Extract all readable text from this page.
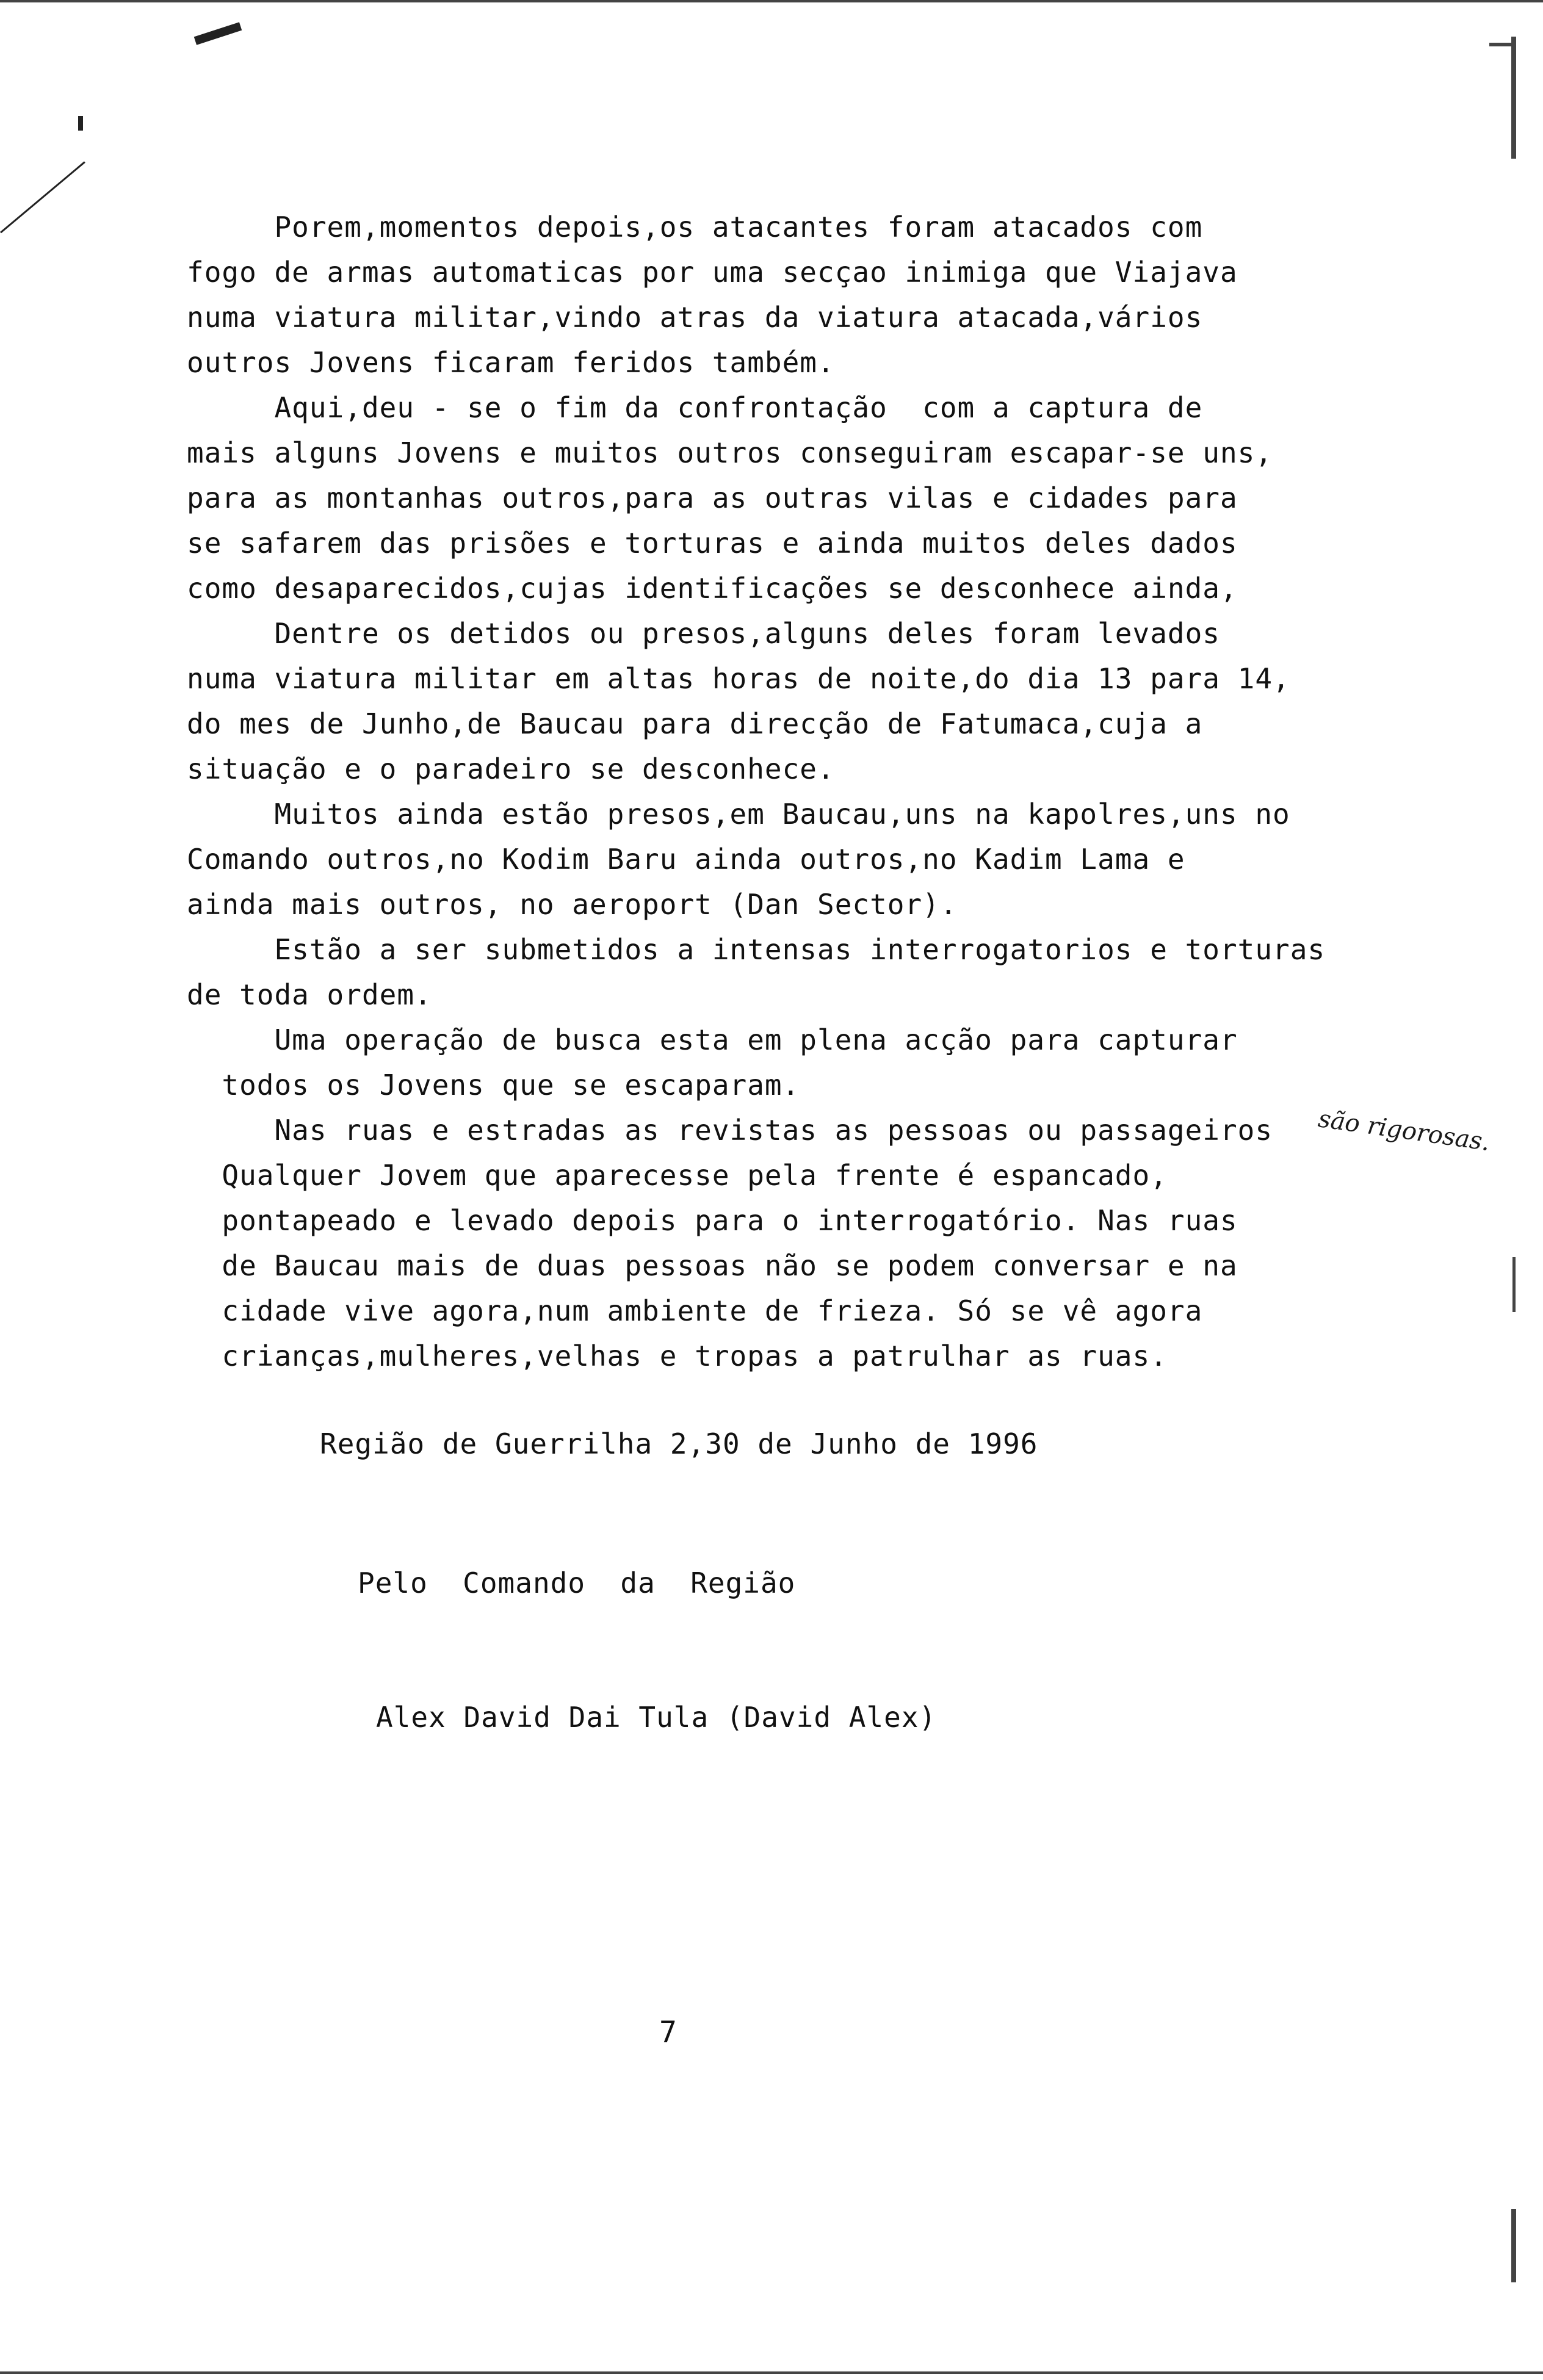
Porem,momentos depois,os atacantes foram atacados com
fogo de armas automaticas por uma secçao inimiga que Viajava
numa viatura militar,vindo atras da viatura atacada,vários
outros Jovens ficaram feridos também.
Aqui,deu - se o fim da confrontação  com a captura de
mais alguns Jovens e muitos outros conseguiram escapar-se uns,
para as montanhas outros,para as outras vilas e cidades para
se safarem das prisões e torturas e ainda muitos deles dados
como desaparecidos,cujas identificações se desconhece ainda,
Dentre os detidos ou presos,alguns deles foram levados
numa viatura militar em altas horas de noite,do dia 13 para 14,
do mes de Junho,de Baucau para direcção de Fatumaca,cuja a
situação e o paradeiro se desconhece.
Muitos ainda estão presos,em Baucau,uns na kapolres,uns no
Comando outros,no Kodim Baru ainda outros,no Kadim Lama e
ainda mais outros, no aeroport (Dan Sector).
Estão a ser submetidos a intensas interrogatorios e torturas
de toda ordem.
Uma operação de busca esta em plena acção para capturar
todos os Jovens que se escaparam.
Nas ruas e estradas as revistas as pessoas ou passageiros
Qualquer Jovem que aparecesse pela frente é espancado,
pontapeado e levado depois para o interrogatório. Nas ruas
de Baucau mais de duas pessoas não se podem conversar e na
cidade vive agora,num ambiente de frieza. Só se vê agora
crianças,mulheres,velhas e tropas a patrulhar as ruas.
são rigorosas.
Região de Guerrilha 2,30 de Junho de 1996
Pelo  Comando  da  Região
Alex David Dai Tula (David Alex)
7
